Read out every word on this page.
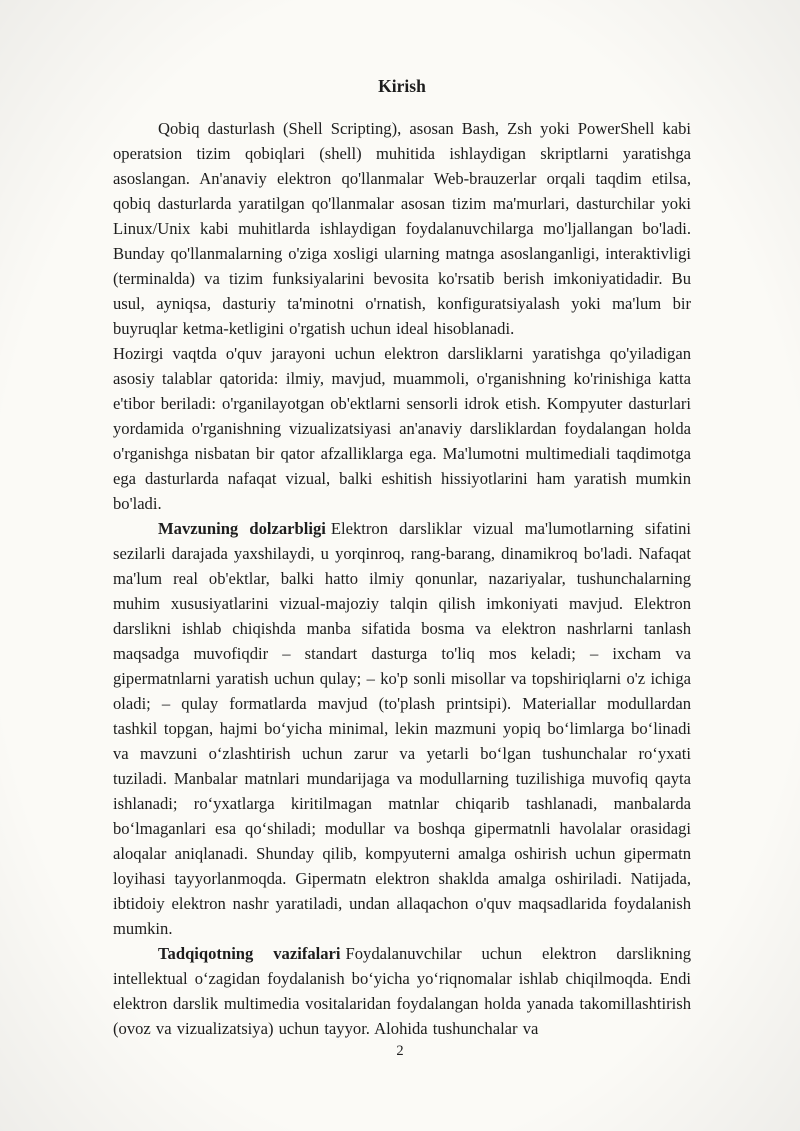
Kirish

Qobiq dasturlash (Shell Scripting), asosan Bash, Zsh yoki PowerShell kabi operatsion tizim qobiqlari (shell) muhitida ishlaydigan skriptlarni yaratishga asoslangan. An'anaviy elektron qo'llanmalar Web-brauzerlar orqali taqdim etilsa, qobiq dasturlarda yaratilgan qo'llanmalar asosan tizim ma'murlari, dasturchilar yoki Linux/Unix kabi muhitlarda ishlaydigan foydalanuvchilarga mo'ljallangan bo'ladi. Bunday qo'llanmalarning o'ziga xosligi ularning matnga asoslanganligi, interaktivligi (terminalda) va tizim funksiyalarini bevosita ko'rsatib berish imkoniyatidadir. Bu usul, ayniqsa, dasturiy ta'minotni o'rnatish, konfiguratsiyalash yoki ma'lum bir buyruqlar ketma-ketligini o'rgatish uchun ideal hisoblanadi.

Hozirgi vaqtda o'quv jarayoni uchun elektron darsliklarni yaratishga qo'yiladigan asosiy talablar qatorida: ilmiy, mavjud, muammoli, o'rganishning ko'rinishiga katta e'tibor beriladi: o'rganilayotgan ob'ektlarni sensorli idrok etish. Kompyuter dasturlari yordamida o'rganishning vizualizatsiyasi an'anaviy darsliklardan foydalangan holda o'rganishga nisbatan bir qator afzalliklarga ega. Ma'lumotni multimediali taqdimotga ega dasturlarda nafaqat vizual, balki eshitish hissiyotlarini ham yaratish mumkin bo'ladi.

Mavzuning dolzarbligi Elektron darsliklar vizual ma'lumotlarning sifatini sezilarli darajada yaxshilaydi, u yorqinroq, rang-barang, dinamikroq bo'ladi. Nafaqat ma'lum real ob'ektlar, balki hatto ilmiy qonunlar, nazariyalar, tushunchalarning muhim xususiyatlarini vizual-majoziy talqin qilish imkoniyati mavjud. Elektron darslikni ishlab chiqishda manba sifatida bosma va elektron nashrlarni tanlash maqsadga muvofiqdir – standart dasturga to'liq mos keladi; – ixcham va gipermatnlarni yaratish uchun qulay; – ko'p sonli misollar va topshiriqlarni o'z ichiga oladi; – qulay formatlarda mavjud (to'plash printsipi). Materiallar modullardan tashkil topgan, hajmi boʻyicha minimal, lekin mazmuni yopiq boʻlimlarga boʻlinadi va mavzuni oʻzlashtirish uchun zarur va yetarli boʻlgan tushunchalar roʻyxati tuziladi. Manbalar matnlari mundarijaga va modullarning tuzilishiga muvofiq qayta ishlanadi; roʻyxatlarga kiritilmagan matnlar chiqarib tashlanadi, manbalarda boʻlmaganlari esa qoʻshiladi; modullar va boshqa gipermatnli havolalar orasidagi aloqalar aniqlanadi. Shunday qilib, kompyuterni amalga oshirish uchun gipermatn loyihasi tayyorlanmoqda. Gipermatn elektron shaklda amalga oshiriladi. Natijada, ibtidoiy elektron nashr yaratiladi, undan allaqachon o'quv maqsadlarida foydalanish mumkin.

Tadqiqotning vazifalari Foydalanuvchilar uchun elektron darslikning intellektual oʻzagidan foydalanish boʻyicha yoʻriqnomalar ishlab chiqilmoqda. Endi elektron darslik multimedia vositalaridan foydalangan holda yanada takomillashtirish (ovoz va vizualizatsiya) uchun tayyor. Alohida tushunchalar va

2
